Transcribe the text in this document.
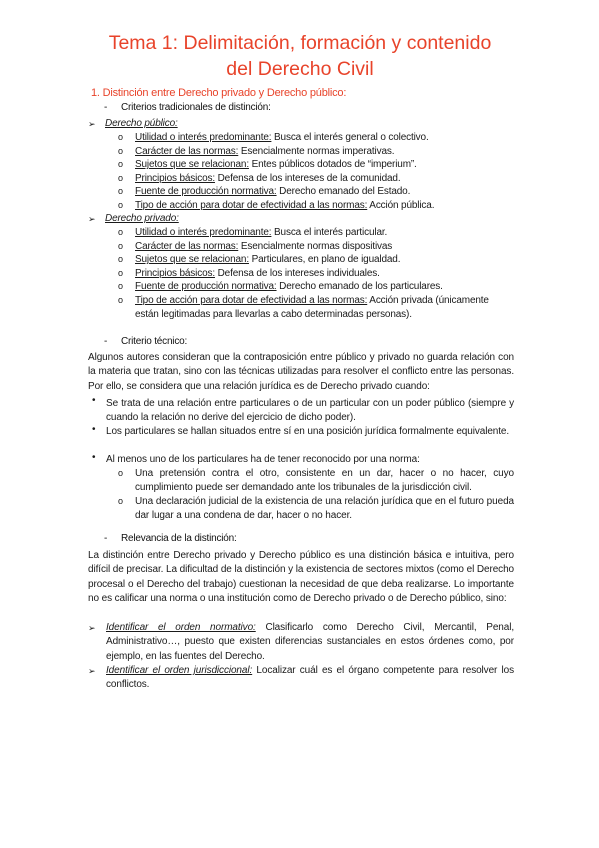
Tema 1: Delimitación, formación y contenido
del Derecho Civil
1. Distinción entre Derecho privado y Derecho público:
- Criterios tradicionales de distinción:
➢ Derecho público:
o Utilidad o interés predominante: Busca el interés general o colectivo.
o Carácter de las normas: Esencialmente normas imperativas.
o Sujetos que se relacionan: Entes públicos dotados de “imperium”.
o Principios básicos: Defensa de los intereses de la comunidad.
o Fuente de producción normativa: Derecho emanado del Estado.
o Tipo de acción para dotar de efectividad a las normas: Acción pública.
➢ Derecho privado:
o Utilidad o interés predominante: Busca el interés particular.
o Carácter de las normas: Esencialmente normas dispositivas
o Sujetos que se relacionan: Particulares, en plano de igualdad.
o Principios básicos: Defensa de los intereses individuales.
o Fuente de producción normativa: Derecho emanado de los particulares.
o Tipo de acción para dotar de efectividad a las normas: Acción privada (únicamente
están legitimadas para llevarlas a cabo determinadas personas).
- Criterio técnico:
Algunos autores consideran que la contraposición entre público y privado no guarda relación con la materia que tratan, sino con las técnicas utilizadas para resolver el conflicto entre las personas. Por ello, se considera que una relación jurídica es de Derecho privado cuando:
• Se trata de una relación entre particulares o de un particular con un poder público (siempre y cuando la relación no derive del ejercicio de dicho poder).
• Los particulares se hallan situados entre sí en una posición jurídica formalmente equivalente.
• Al menos uno de los particulares ha de tener reconocido por una norma:
o Una pretensión contra el otro, consistente en un dar, hacer o no hacer, cuyo cumplimiento puede ser demandado ante los tribunales de la jurisdicción civil.
o Una declaración judicial de la existencia de una relación jurídica que en el futuro pueda dar lugar a una condena de dar, hacer o no hacer.
- Relevancia de la distinción:
La distinción entre Derecho privado y Derecho público es una distinción básica e intuitiva, pero difícil de precisar. La dificultad de la distinción y la existencia de sectores mixtos (como el Derecho procesal o el Derecho del trabajo) cuestionan la necesidad de que deba realizarse. Lo importante no es calificar una norma o una institución como de Derecho privado o de Derecho público, sino:
➢ Identificar el orden normativo: Clasificarlo como Derecho Civil, Mercantil, Penal, Administrativo…, puesto que existen diferencias sustanciales en estos órdenes como, por ejemplo, en las fuentes del Derecho.
➢ Identificar el orden jurisdiccional: Localizar cuál es el órgano competente para resolver los conflictos.
